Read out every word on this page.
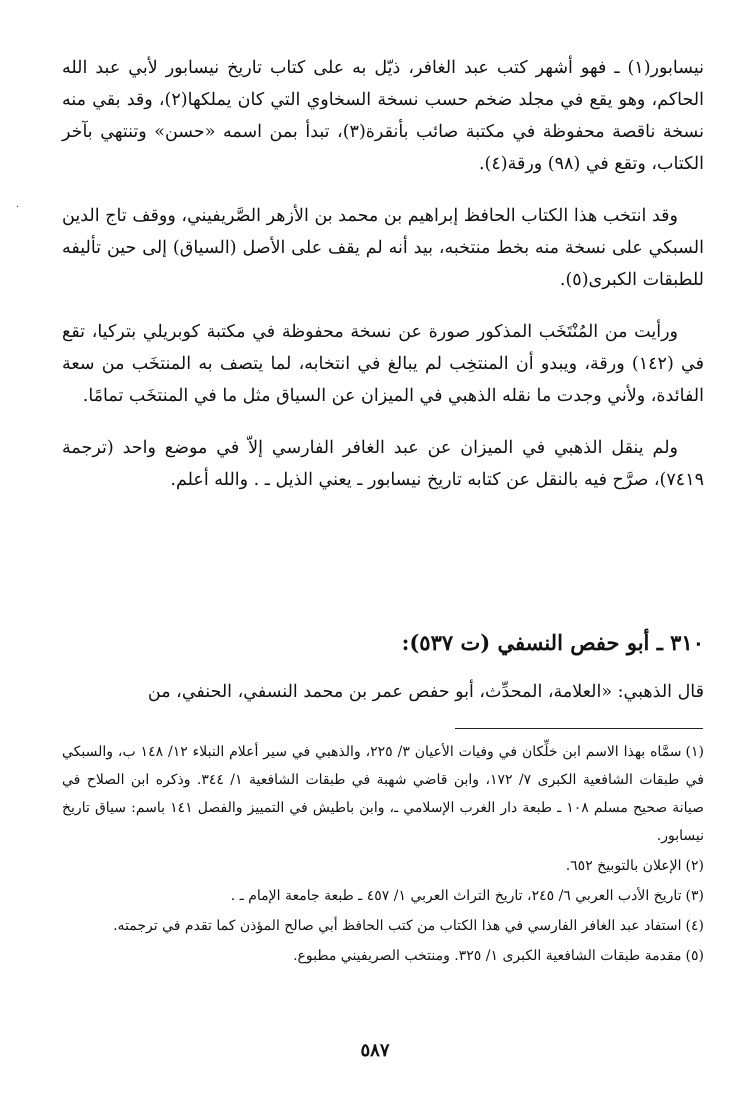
·

نيسابور(١) ـ فهو أشهر كتب عبد الغافر، ذيّل به على كتاب تاريخ نيسابور لأبي عبد الله الحاكم، وهو يقع في مجلد ضخم حسب نسخة السخاوي التي كان يملكها(٢)، وقد بقي منه نسخة ناقصة محفوظة في مكتبة صائب بأنقرة(٣)، تبدأ بمن اسمه «حسن» وتنتهي بآخر الكتاب، وتقع في (٩٨) ورقة(٤).

وقد انتخب هذا الكتاب الحافظ إبراهيم بن محمد بن الأزهر الصَّريفيني، ووقف تاج الدين السبكي على نسخة منه بخط منتخبه، بيد أنه لم يقف على الأصل (السياق) إلى حين تأليفه للطبقات الكبرى(٥).

ورأيت من المُنْتَخَب المذكور صورة عن نسخة محفوظة في مكتبة كوبريلي بتركيا، تقع في (١٤٢) ورقة، ويبدو أن المنتخِب لم يبالغ في انتخابه، لما يتصف به المنتخَب من سعة الفائدة، ولأني وجدت ما نقله الذهبي في الميزان عن السياق مثل ما في المنتخَب تمامًا.

ولم ينقل الذهبي في الميزان عن عبد الغافر الفارسي إلاّ في موضع واحد (ترجمة ٧٤١٩)، صرَّح فيه بالنقل عن كتابه تاريخ نيسابور ـ يعني الذيل ـ . والله أعلم.

٣١٠ ـ أبو حفص النسفي (ت ٥٣٧):
قال الذهبي: «العلامة، المحدِّث، أبو حفص عمر بن محمد النسفي، الحنفي، من

(١)سمَّاه بهذا الاسم ابن خلِّكان في وفيات الأعيان ٣/ ٢٢٥، والذهبي في سير أعلام النبلاء ١٢/ ١٤٨ ب، والسبكي في طبقات الشافعية الكبرى ٧/ ١٧٢، وابن قاضي شهبة في طبقات الشافعية ١/ ٣٤٤. وذكره ابن الصلاح في صيانة صحيح مسلم ١٠٨ ـ طبعة دار الغرب الإسلامي ـ، وابن باطيش في التمييز والفصل ١٤١ باسم: سياق تاريخ نيسابور.

(٢)الإعلان بالتوبيخ ٦٥٢.

(٣)تاريخ الأدب العربي ٦/ ٢٤٥، تاريخ التراث العربي ١/ ٤٥٧ ـ طبعة جامعة الإمام ـ .

(٤)استفاد عبد الغافر الفارسي في هذا الكتاب من كتب الحافظ أبي صالح المؤذن كما تقدم في ترجمته.

(٥)مقدمة طبقات الشافعية الكبرى ١/ ٣٢٥. ومنتخب الصريفيني مطبوع.

٥٨٧
